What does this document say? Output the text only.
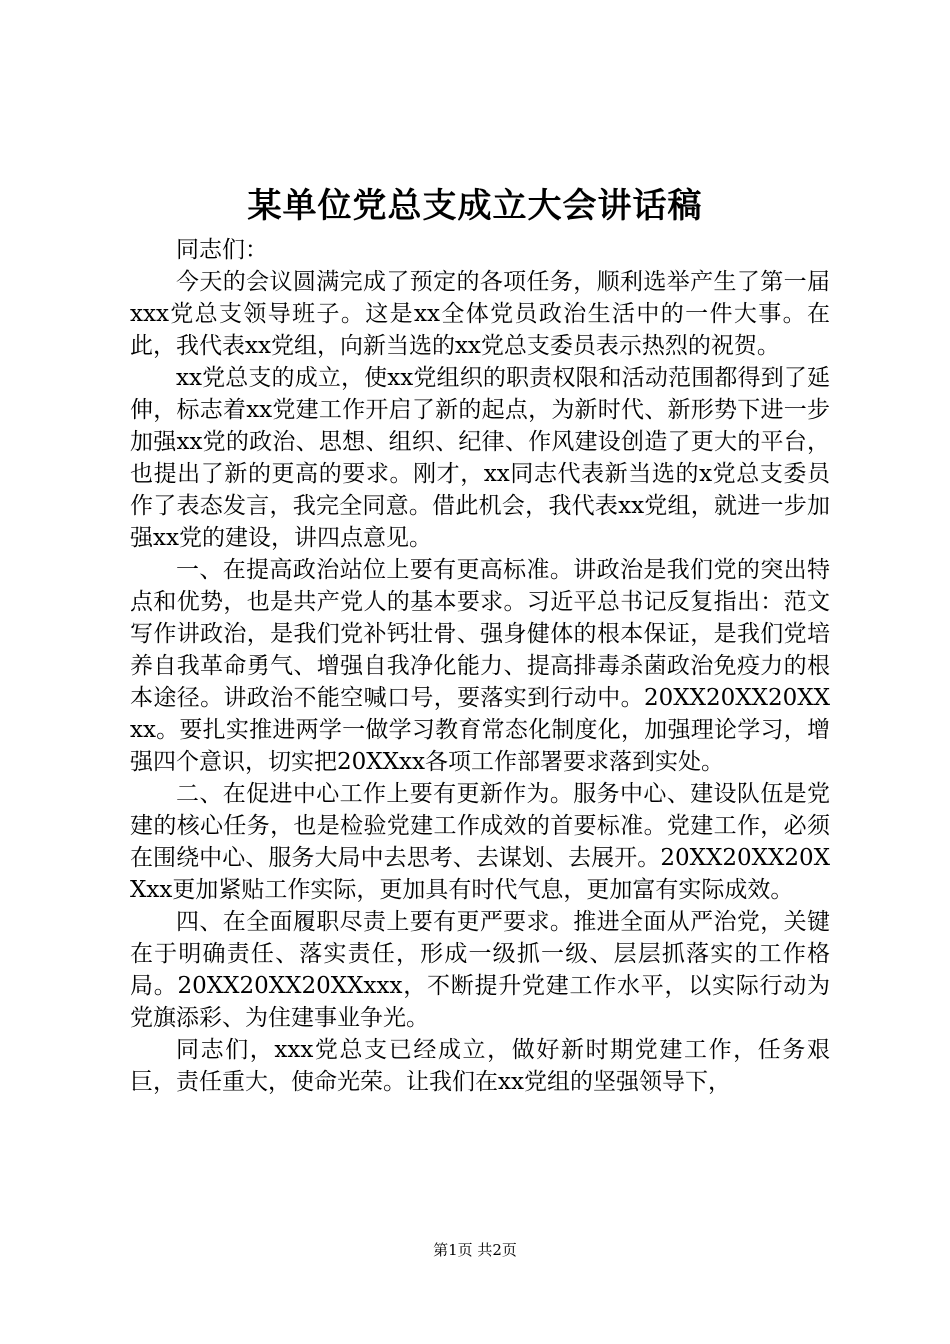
某单位党总支成立大会讲话稿

同志们：

今天的会议圆满完成了预定的各项任务，顺利选举产生了第一届xxx党总支领导班子。这是xx全体党员政治生活中的一件大事。在此，我代表xx党组，向新当选的xx党总支委员表示热烈的祝贺。

xx党总支的成立，使xx党组织的职责权限和活动范围都得到了延伸，标志着xx党建工作开启了新的起点，为新时代、新形势下进一步加强xx党的政治、思想、组织、纪律、作风建设创造了更大的平台，也提出了新的更高的要求。刚才，xx同志代表新当选的x党总支委员作了表态发言，我完全同意。借此机会，我代表xx党组，就进一步加强xx党的建设，讲四点意见。

一、在提高政治站位上要有更高标准。讲政治是我们党的突出特点和优势，也是共产党人的基本要求。习近平总书记反复指出：范文写作讲政治，是我们党补钙壮骨、强身健体的根本保证，是我们党培养自我革命勇气、增强自我净化能力、提高排毒杀菌政治免疫力的根本途径。讲政治不能空喊口号，要落实到行动中。20XX20XX20XXxx。要扎实推进两学一做学习教育常态化制度化，加强理论学习，增强四个意识，切实把20XXxx各项工作部署要求落到实处。

二、在促进中心工作上要有更新作为。服务中心、建设队伍是党建的核心任务，也是检验党建工作成效的首要标准。党建工作，必须在围绕中心、服务大局中去思考、去谋划、去展开。20XX20XX20XXxx更加紧贴工作实际，更加具有时代气息，更加富有实际成效。

四、在全面履职尽责上要有更严要求。推进全面从严治党，关键在于明确责任、落实责任，形成一级抓一级、层层抓落实的工作格局。20XX20XX20XXxxx，不断提升党建工作水平，以实际行动为党旗添彩、为住建事业争光。

同志们，xxx党总支已经成立，做好新时期党建工作，任务艰巨，责任重大，使命光荣。让我们在xx党组的坚强领导下，

第1页 共2页
